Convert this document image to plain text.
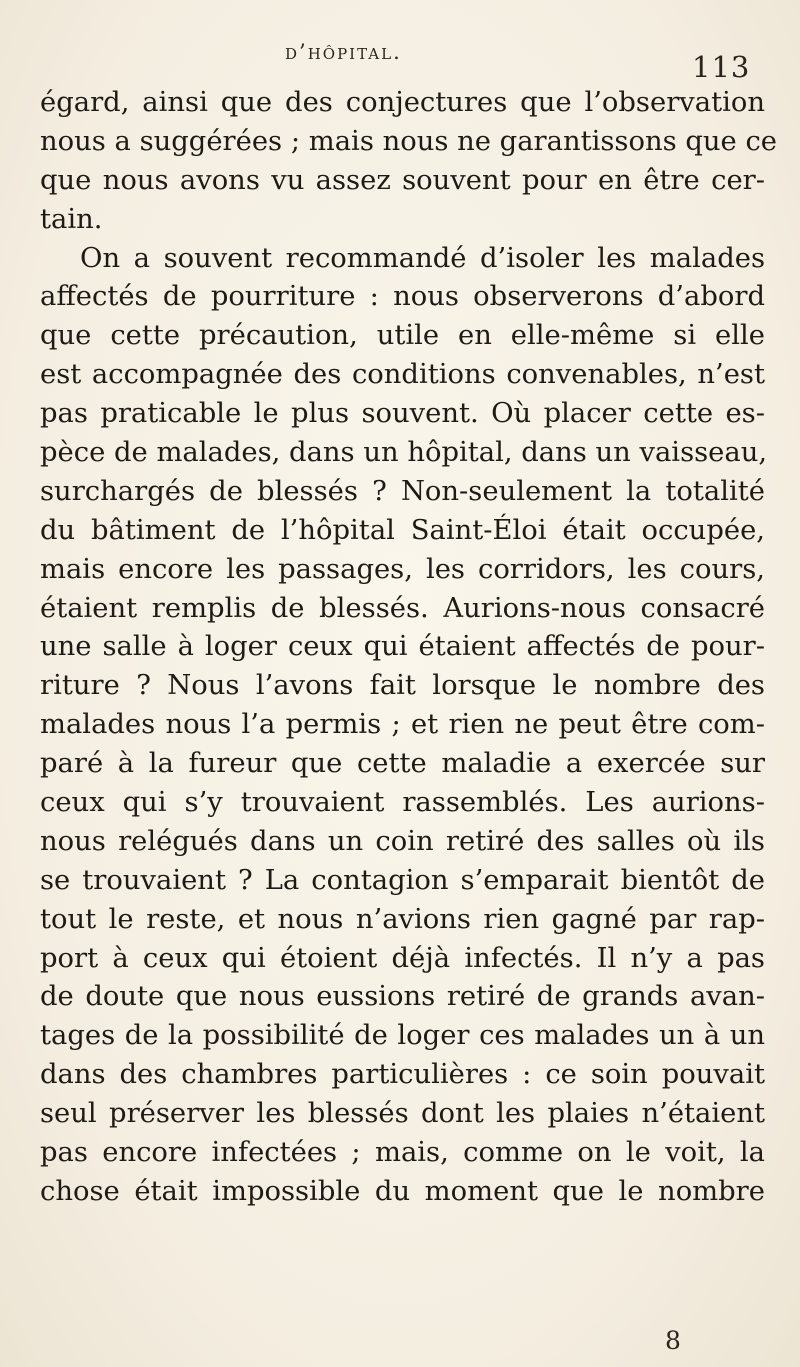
d’hôpital.	113
égard, ainsi que des conjectures que l’observation
nous a suggérées ; mais nous ne garantissons que ce
que nous avons vu assez souvent pour en être cer-
tain.
On a souvent recommandé d’isoler les malades
affectés de pourriture : nous observerons d’abord
que cette précaution, utile en elle-même si elle
est accompagnée des conditions convenables, n’est
pas praticable le plus souvent. Où placer cette es-
pèce de malades, dans un hôpital, dans un vaisseau,
surchargés de blessés ? Non-seulement la totalité
du bâtiment de l’hôpital Saint-Éloi était occupée,
mais encore les passages, les corridors, les cours,
étaient remplis de blessés. Aurions-nous consacré
une salle à loger ceux qui étaient affectés de pour-
riture ? Nous l’avons fait lorsque le nombre des
malades nous l’a permis ; et rien ne peut être com-
paré à la fureur que cette maladie a exercée sur
ceux qui s’y trouvaient rassemblés. Les aurions-
nous relégués dans un coin retiré des salles où ils
se trouvaient ? La contagion s’emparait bientôt de
tout le reste, et nous n’avions rien gagné par rap-
port à ceux qui étoient déjà infectés. Il n’y a pas
de doute que nous eussions retiré de grands avan-
tages de la possibilité de loger ces malades un à un
dans des chambres particulières : ce soin pouvait
seul préserver les blessés dont les plaies n’étaient
pas encore infectées ; mais, comme on le voit, la
chose était impossible du moment que le nombre
8
